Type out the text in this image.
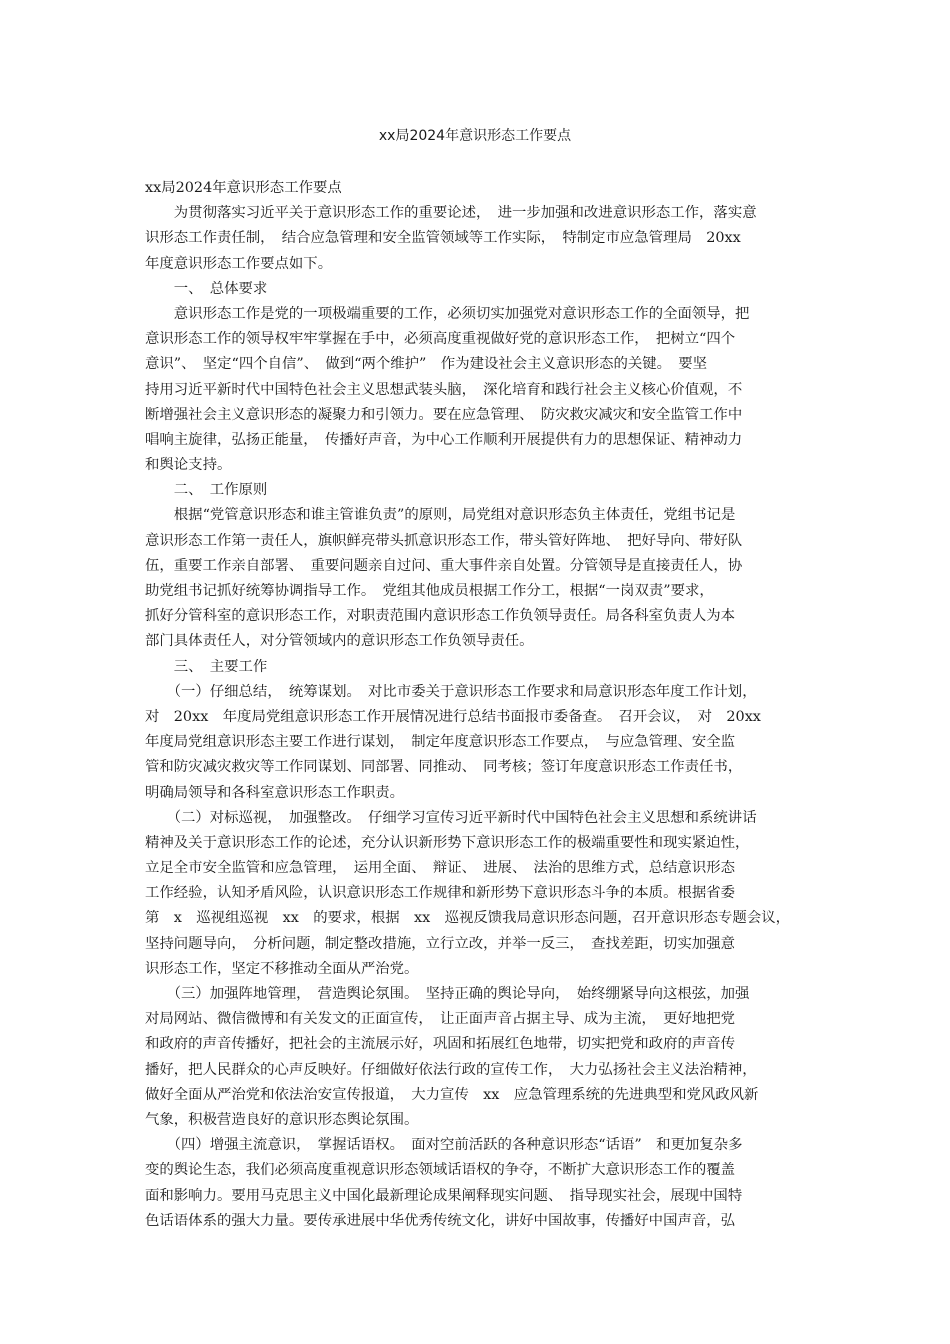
xx局2024年意识形态工作要点

xx局2024年意识形态工作要点

　　为贯彻落实习近平关于意识形态工作的重要论述，　进一步加强和改进意识形态工作，落实意

识形态工作责任制，　结合应急管理和安全监管领域等工作实际，　特制定市应急管理局　20xx

年度意识形态工作要点如下。

　　一、　总体要求

　　意识形态工作是党的一项极端重要的工作，必须切实加强党对意识形态工作的全面领导，把

意识形态工作的领导权牢牢掌握在手中，必须高度重视做好党的意识形态工作，　把树立“四个

意识”、　坚定“四个自信”、　做到“两个维护”　作为建设社会主义意识形态的关键。　要坚

持用习近平新时代中国特色社会主义思想武装头脑，　深化培育和践行社会主义核心价值观，不

断增强社会主义意识形态的凝聚力和引领力。要在应急管理、　防灾救灾减灾和安全监管工作中

唱响主旋律，弘扬正能量，　传播好声音，为中心工作顺利开展提供有力的思想保证、精神动力

和舆论支持。

　　二、　工作原则

　　根据“党管意识形态和谁主管谁负责”的原则，局党组对意识形态负主体责任，党组书记是

意识形态工作第一责任人，旗帜鲜亮带头抓意识形态工作，带头管好阵地、　把好导向、带好队

伍，重要工作亲自部署、　重要问题亲自过问、重大事件亲自处置。分管领导是直接责任人，协

助党组书记抓好统筹协调指导工作。　党组其他成员根据工作分工，根据“一岗双责”要求，

抓好分管科室的意识形态工作，对职责范围内意识形态工作负领导责任。局各科室负责人为本

部门具体责任人，对分管领域内的意识形态工作负领导责任。

　　三、　主要工作

　　（一）仔细总结，　统筹谋划。　对比市委关于意识形态工作要求和局意识形态年度工作计划，

对　20xx　年度局党组意识形态工作开展情况进行总结书面报市委备查。　召开会议，　对　20xx

年度局党组意识形态主要工作进行谋划，　制定年度意识形态工作要点，　与应急管理、安全监

管和防灾减灾救灾等工作同谋划、同部署、同推动、　同考核；签订年度意识形态工作责任书，

明确局领导和各科室意识形态工作职责。

　　（二）对标巡视，　加强整改。　仔细学习宣传习近平新时代中国特色社会主义思想和系统讲话

精神及关于意识形态工作的论述，充分认识新形势下意识形态工作的极端重要性和现实紧迫性，

立足全市安全监管和应急管理，　运用全面、　辩证、　进展、　法治的思维方式，总结意识形态

工作经验，认知矛盾风险，认识意识形态工作规律和新形势下意识形态斗争的本质。根据省委

第　x　巡视组巡视　xx　的要求，根据　xx　巡视反馈我局意识形态问题，召开意识形态专题会议，

坚持问题导向，　分析问题，制定整改措施，立行立改，并举一反三，　查找差距，切实加强意

识形态工作，坚定不移推动全面从严治党。

　　（三）加强阵地管理，　营造舆论氛围。　坚持正确的舆论导向，　始终绷紧导向这根弦，加强

对局网站、微信微博和有关发文的正面宣传，　让正面声音占据主导、成为主流，　更好地把党

和政府的声音传播好，把社会的主流展示好，巩固和拓展红色地带，切实把党和政府的声音传

播好，把人民群众的心声反映好。仔细做好依法行政的宣传工作，　大力弘扬社会主义法治精神，

做好全面从严治党和依法治安宣传报道，　大力宣传　xx　应急管理系统的先进典型和党风政风新

气象，积极营造良好的意识形态舆论氛围。

　　（四）增强主流意识，　掌握话语权。　面对空前活跃的各种意识形态“话语”　和更加复杂多

变的舆论生态，我们必须高度重视意识形态领域话语权的争夺，不断扩大意识形态工作的覆盖

面和影响力。要用马克思主义中国化最新理论成果阐释现实问题、　指导现实社会，展现中国特

色话语体系的强大力量。要传承进展中华优秀传统文化，讲好中国故事，传播好中国声音，弘
